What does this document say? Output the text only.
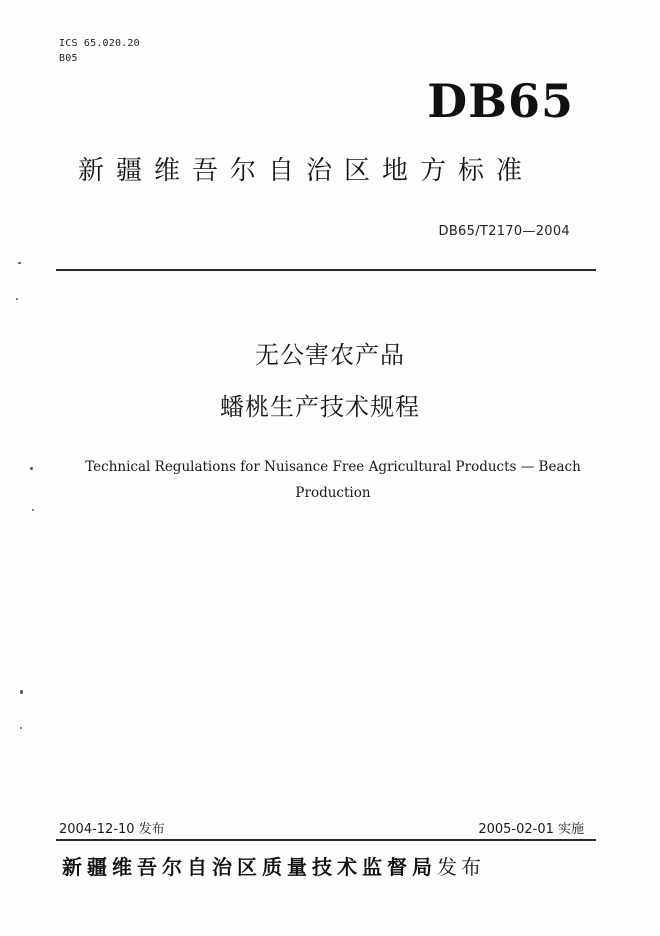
ICS 65.020.20
B05
DB65
新疆维吾尔自治区地方标准
DB65/T2170—2004
无公害农产品
蟠桃生产技术规程
Technical Regulations for Nuisance Free Agricultural Products — Beach
Production
2004-12-10 发布	2005-02-01 实施
新疆维吾尔自治区质量技术监督局发布
